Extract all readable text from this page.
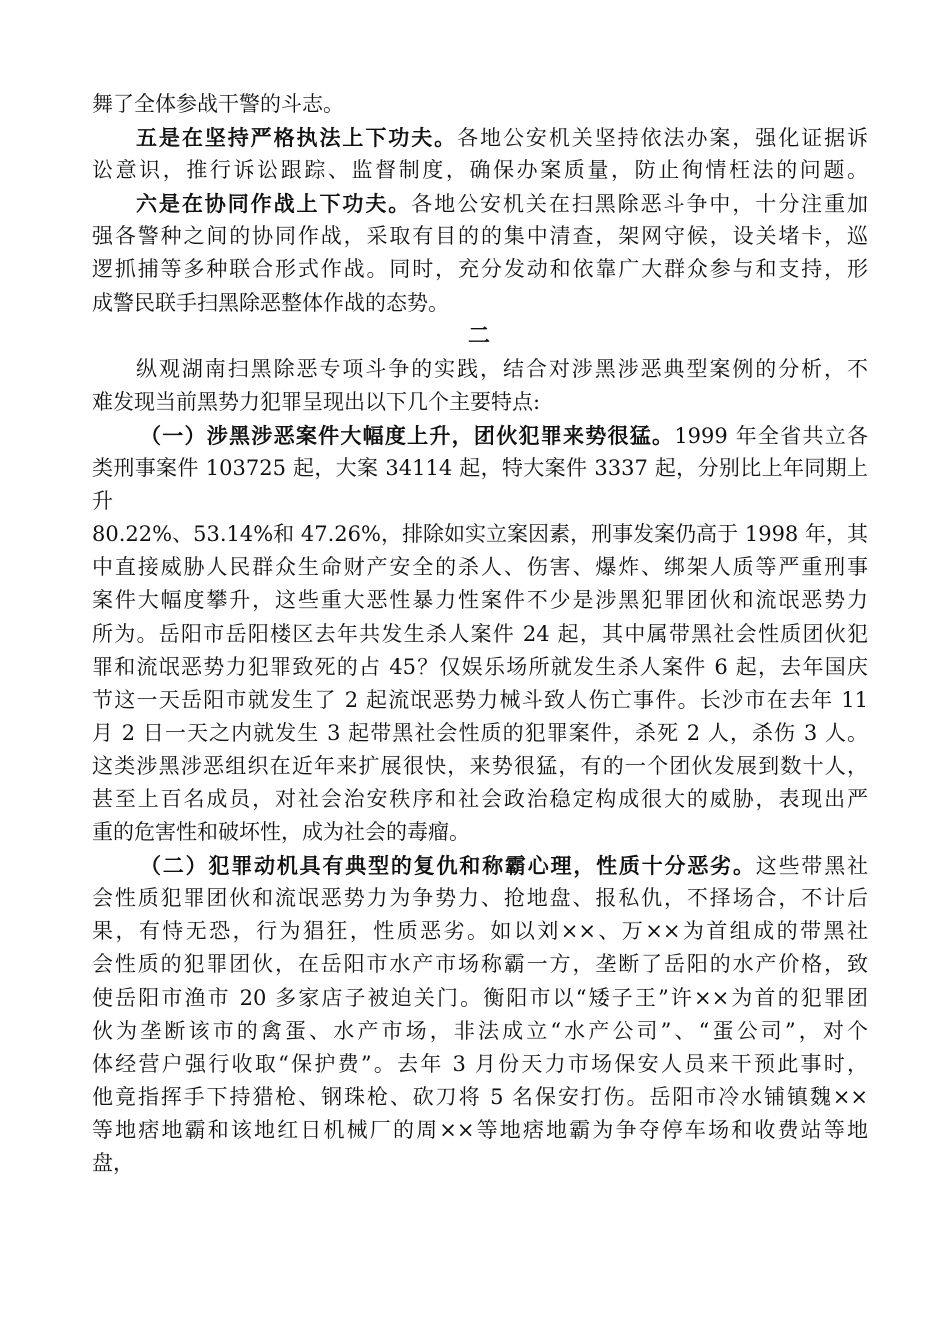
舞了全体参战干警的斗志。
五是在坚持严格执法上下功夫。各地公安机关坚持依法办案，强化证据诉
讼意识，推行诉讼跟踪、监督制度，确保办案质量，防止徇情枉法的问题。
六是在协同作战上下功夫。各地公安机关在扫黑除恶斗争中，十分注重加
强各警种之间的协同作战，采取有目的的集中清查，架网守候，设关堵卡，巡
逻抓捕等多种联合形式作战。同时，充分发动和依靠广大群众参与和支持，形
成警民联手扫黑除恶整体作战的态势。
二
纵观湖南扫黑除恶专项斗争的实践，结合对涉黑涉恶典型案例的分析，不
难发现当前黑势力犯罪呈现出以下几个主要特点:
（一）涉黑涉恶案件大幅度上升，团伙犯罪来势很猛。1999 年全省共立各
类刑事案件 103725 起，大案 34114 起，特大案件 3337 起，分别比上年同期上
升
80.22%、53.14%和 47.26%，排除如实立案因素，刑事发案仍高于 1998 年，其
中直接威胁人民群众生命财产安全的杀人、伤害、爆炸、绑架人质等严重刑事
案件大幅度攀升，这些重大恶性暴力性案件不少是涉黑犯罪团伙和流氓恶势力
所为。岳阳市岳阳楼区去年共发生杀人案件 24 起，其中属带黑社会性质团伙犯
罪和流氓恶势力犯罪致死的占 45？仅娱乐场所就发生杀人案件 6 起，去年国庆
节这一天岳阳市就发生了 2 起流氓恶势力械斗致人伤亡事件。长沙市在去年 11
月 2 日一天之内就发生 3 起带黑社会性质的犯罪案件，杀死 2 人，杀伤 3 人。
这类涉黑涉恶组织在近年来扩展很快，来势很猛，有的一个团伙发展到数十人，
甚至上百名成员，对社会治安秩序和社会政治稳定构成很大的威胁，表现出严
重的危害性和破坏性，成为社会的毒瘤。
（二）犯罪动机具有典型的复仇和称霸心理，性质十分恶劣。这些带黑社
会性质犯罪团伙和流氓恶势力为争势力、抢地盘、报私仇，不择场合，不计后
果，有恃无恐，行为猖狂，性质恶劣。如以刘××、万××为首组成的带黑社
会性质的犯罪团伙，在岳阳市水产市场称霸一方，垄断了岳阳的水产价格，致
使岳阳市渔市 20 多家店子被迫关门。衡阳市以“矮子王”许××为首的犯罪团
伙为垄断该市的禽蛋、水产市场，非法成立“水产公司”、“蛋公司”，对个
体经营户强行收取“保护费”。去年 3 月份天力市场保安人员来干预此事时，
他竟指挥手下持猎枪、钢珠枪、砍刀将 5 名保安打伤。岳阳市冷水铺镇魏××
等地痞地霸和该地红日机械厂的周××等地痞地霸为争夺停车场和收费站等地
盘，
